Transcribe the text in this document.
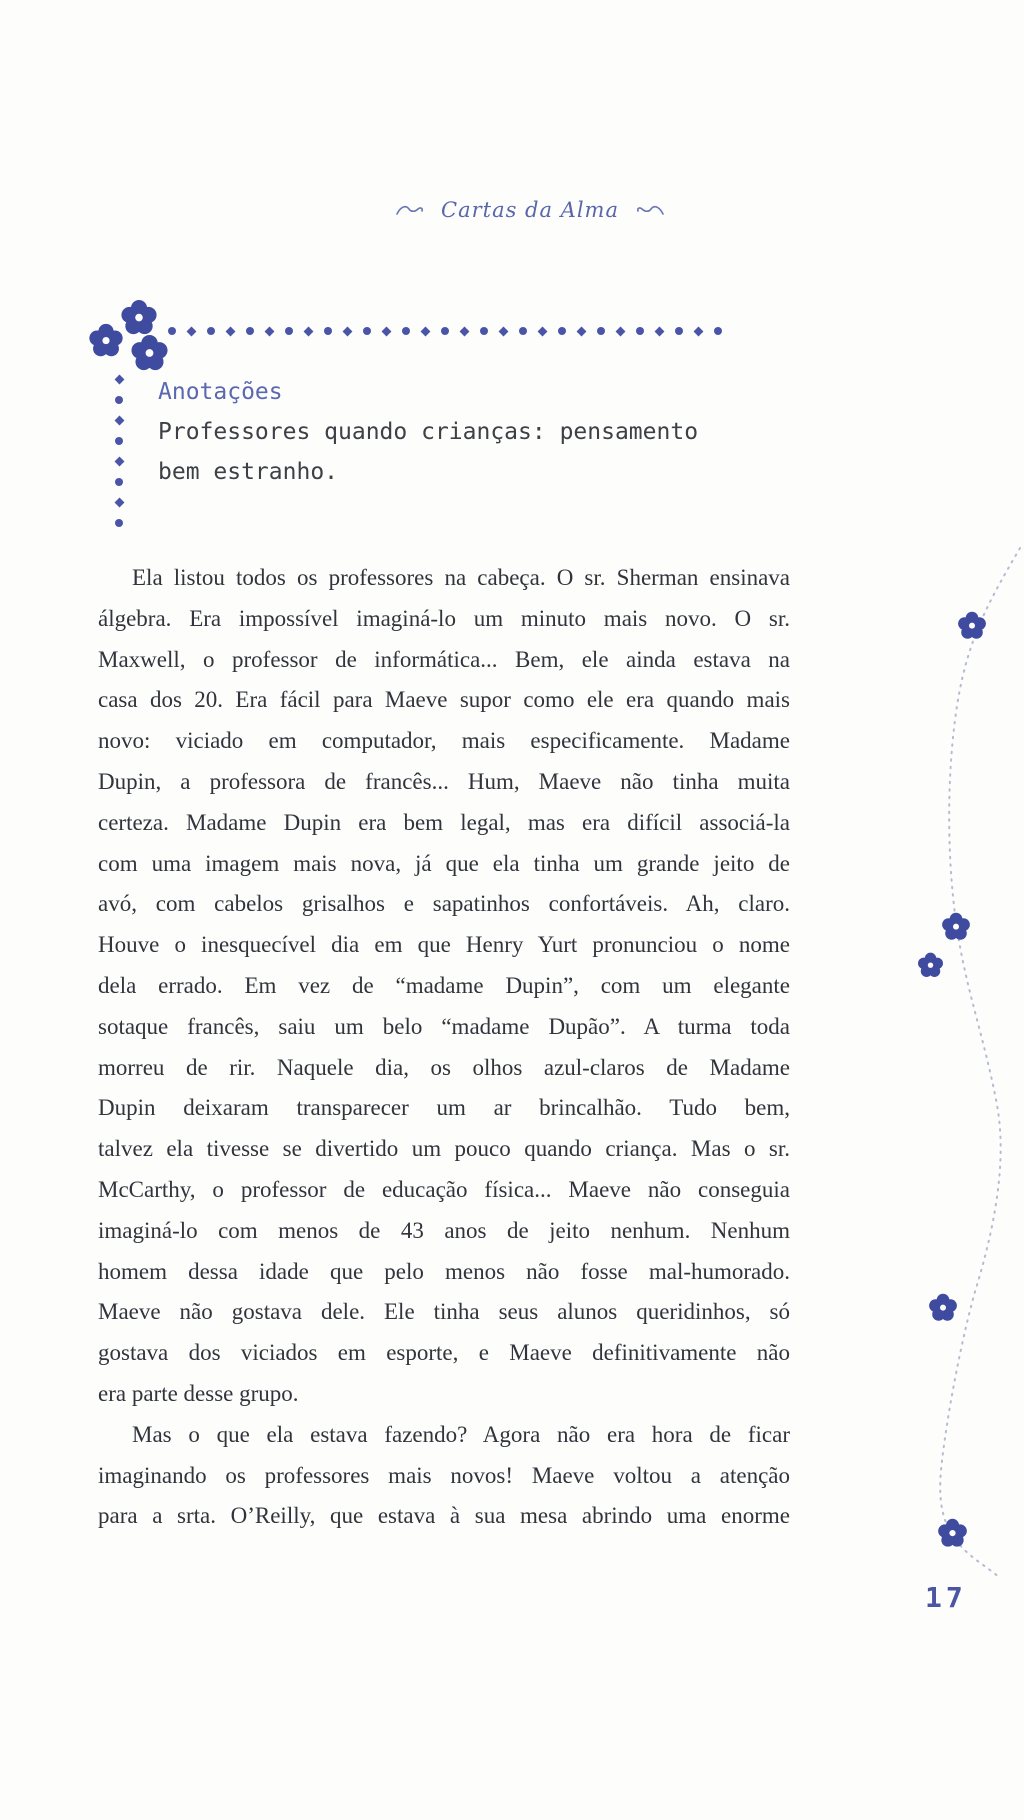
Cartas da Alma
Anotações
Professores quando crianças: pensamento
bem estranho.
Ela listou todos os professores na cabeça. O sr. Sherman ensinava
álgebra. Era impossível imaginá-lo um minuto mais novo. O sr.
Maxwell, o professor de informática... Bem, ele ainda estava na
casa dos 20. Era fácil para Maeve supor como ele era quando mais
novo: viciado em computador, mais especificamente. Madame
Dupin, a professora de francês... Hum, Maeve não tinha muita
certeza. Madame Dupin era bem legal, mas era difícil associá-la
com uma imagem mais nova, já que ela tinha um grande jeito de
avó, com cabelos grisalhos e sapatinhos confortáveis. Ah, claro.
Houve o inesquecível dia em que Henry Yurt pronunciou o nome
dela errado. Em vez de “madame Dupin”, com um elegante
sotaque francês, saiu um belo “madame Dupão”. A turma toda
morreu de rir. Naquele dia, os olhos azul-claros de Madame
Dupin deixaram transparecer um ar brincalhão. Tudo bem,
talvez ela tivesse se divertido um pouco quando criança. Mas o sr.
McCarthy, o professor de educação física... Maeve não conseguia
imaginá-lo com menos de 43 anos de jeito nenhum. Nenhum
homem dessa idade que pelo menos não fosse mal-humorado.
Maeve não gostava dele. Ele tinha seus alunos queridinhos, só
gostava dos viciados em esporte, e Maeve definitivamente não
era parte desse grupo.
Mas o que ela estava fazendo? Agora não era hora de ficar
imaginando os professores mais novos! Maeve voltou a atenção
para a srta. O’Reilly, que estava à sua mesa abrindo uma enorme
17
